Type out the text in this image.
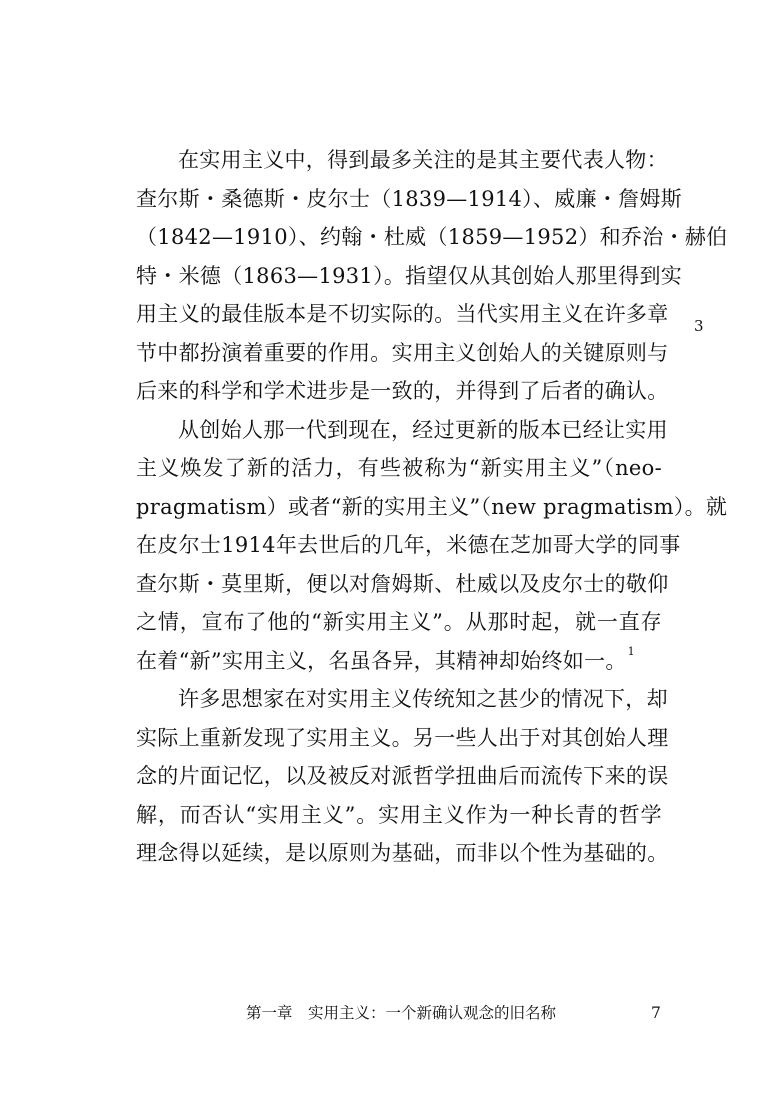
在实用主义中，得到最多关注的是其主要代表人物：
查尔斯・桑德斯・皮尔士（1839—1914）、威廉・詹姆斯
（1842—1910）、约翰・杜威（1859—1952）和乔治・赫伯
特・米德（1863—1931）。指望仅从其创始人那里得到实
用主义的最佳版本是不切实际的。当代实用主义在许多章
节中都扮演着重要的作用。实用主义创始人的关键原则与
后来的科学和学术进步是一致的，并得到了后者的确认。
从创始人那一代到现在，经过更新的版本已经让实用
主义焕发了新的活力，有些被称为“新实用主义”（neo-
pragmatism）或者“新的实用主义”（new pragmatism）。就
在皮尔士1914年去世后的几年，米德在芝加哥大学的同事
查尔斯・莫里斯，便以对詹姆斯、杜威以及皮尔士的敬仰
之情，宣布了他的“新实用主义”。从那时起，就一直存
在着“新”实用主义，名虽各异，其精神却始终如一。$^1$
许多思想家在对实用主义传统知之甚少的情况下，却
实际上重新发现了实用主义。另一些人出于对其创始人理
念的片面记忆，以及被反对派哲学扭曲后而流传下来的误
解，而否认“实用主义”。实用主义作为一种长青的哲学
理念得以延续，是以原则为基础，而非以个性为基础的。
3
第一章　实用主义：一个新确认观念的旧名称	7
